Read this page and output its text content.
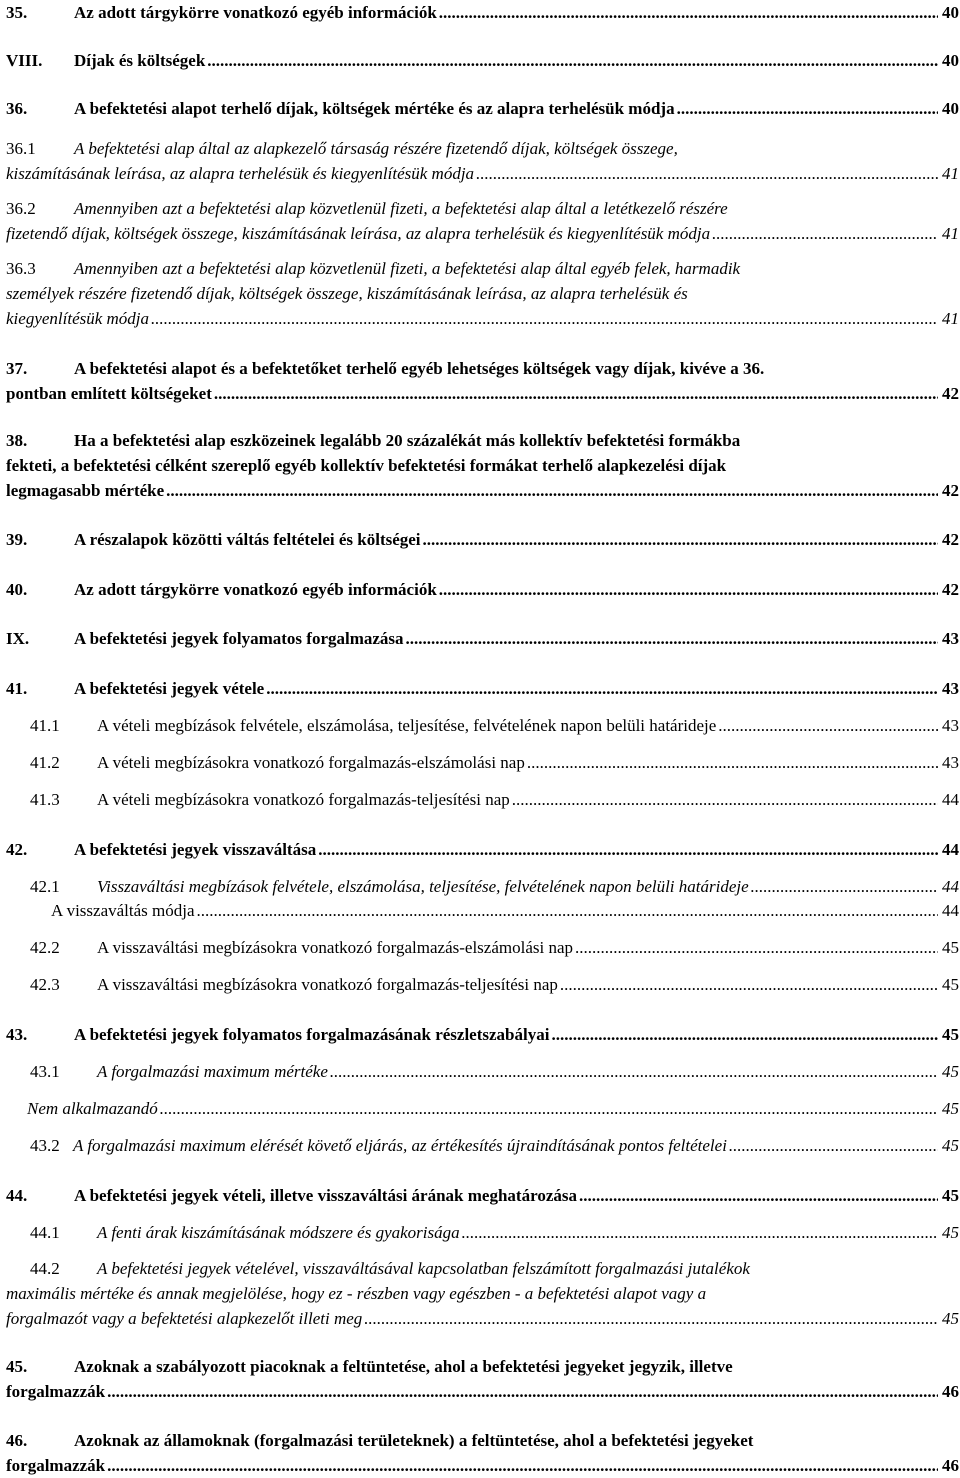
35.	Az adott tárgykörre vonatkozó egyéb információk .....	40
VIII.	Díjak és költségek .....	40
36.	A befektetési alapot terhelő díjak, költségek mértéke és az alapra terhelésük módja .....	40
36.1	A befektetési alap által az alapkezelő társaság részére fizetendő díjak, költségek összege,
kiszámításának leírása, az alapra terhelésük és kiegyenlítésük módja .....	41
36.2	Amennyiben azt a befektetési alap közvetlenül fizeti, a befektetési alap által a letétkezelő részére
fizetendő díjak, költségek összege, kiszámításának leírása, az alapra terhelésük és kiegyenlítésük módja .....	41
36.3	Amennyiben azt a befektetési alap közvetlenül fizeti, a befektetési alap által egyéb felek, harmadik
személyek részére fizetendő díjak, költségek összege, kiszámításának leírása, az alapra terhelésük és
kiegyenlítésük módja .....	41
37.	A befektetési alapot és a befektetőket terhelő egyéb lehetséges költségek vagy díjak, kivéve a 36.
pontban említett költségeket .....	42
38.	Ha a befektetési alap eszközeinek legalább 20 százalékát más kollektív befektetési formákba
fekteti, a befektetési célként szereplő egyéb kollektív befektetési formákat terhelő alapkezelési díjak
legmagasabb mértéke .....	42
39.	A részalapok közötti váltás feltételei és költségei .....	42
40.	Az adott tárgykörre vonatkozó egyéb információk .....	42
IX.	A befektetési jegyek folyamatos forgalmazása .....	43
41.	A befektetési jegyek vétele .....	43
41.1	A vételi megbízások felvétele, elszámolása, teljesítése, felvételének napon belüli határideje .....	43
41.2	A vételi megbízásokra vonatkozó forgalmazás-elszámolási nap .....	43
41.3	A vételi megbízásokra vonatkozó forgalmazás-teljesítési nap .....	44
42.	A befektetési jegyek visszaváltása .....	44
42.1	Visszaváltási megbízások felvétele, elszámolása, teljesítése, felvételének napon belüli határideje .....	44
A visszaváltás módja .....	44
42.2	A visszaváltási megbízásokra vonatkozó forgalmazás-elszámolási nap .....	45
42.3	A visszaváltási megbízásokra vonatkozó forgalmazás-teljesítési nap .....	45
43.	A befektetési jegyek folyamatos forgalmazásának részletszabályai .....	45
43.1	A forgalmazási maximum mértéke .....	45
Nem alkalmazandó .....	45
43.2 A forgalmazási maximum elérését követő eljárás, az értékesítés újraindításának pontos feltételei .....	45
44.	A befektetési jegyek vételi, illetve visszaváltási árának meghatározása .....	45
44.1	A fenti árak kiszámításának módszere és gyakorisága .....	45
44.2	A befektetési jegyek vételével, visszaváltásával kapcsolatban felszámított forgalmazási jutalékok
maximális mértéke és annak megjelölése, hogy ez - részben vagy egészben - a befektetési alapot vagy a
forgalmazót vagy a befektetési alapkezelőt illeti meg .....	45
45.	Azoknak a szabályozott piacoknak a feltüntetése, ahol a befektetési jegyeket jegyzik, illetve
forgalmazzák .....	46
46.	Azoknak az államoknak (forgalmazási területeknek) a feltüntetése, ahol a befektetési jegyeket
forgalmazzák .....	46
